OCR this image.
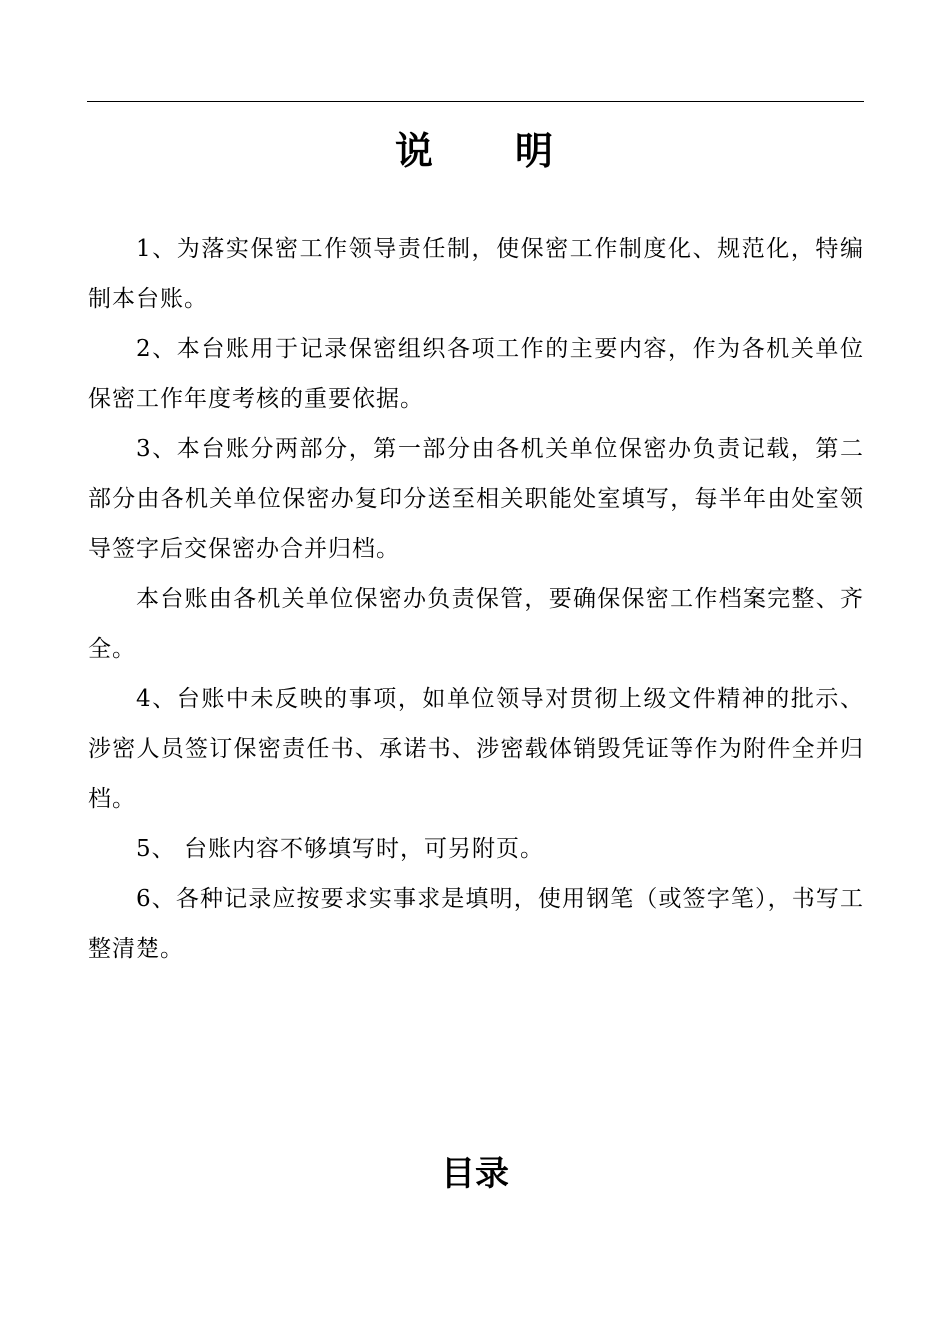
说　　明

1、为落实保密工作领导责任制，使保密工作制度化、规范化，特编制本台账。

2、本台账用于记录保密组织各项工作的主要内容，作为各机关单位保密工作年度考核的重要依据。

3、本台账分两部分，第一部分由各机关单位保密办负责记载，第二部分由各机关单位保密办复印分送至相关职能处室填写，每半年由处室领导签字后交保密办合并归档。

本台账由各机关单位保密办负责保管，要确保保密工作档案完整、齐全。

4、台账中未反映的事项，如单位领导对贯彻上级文件精神的批示、涉密人员签订保密责任书、承诺书、涉密载体销毁凭证等作为附件全并归档。

5、 台账内容不够填写时，可另附页。

6、各种记录应按要求实事求是填明，使用钢笔（或签字笔），书写工整清楚。

目录
